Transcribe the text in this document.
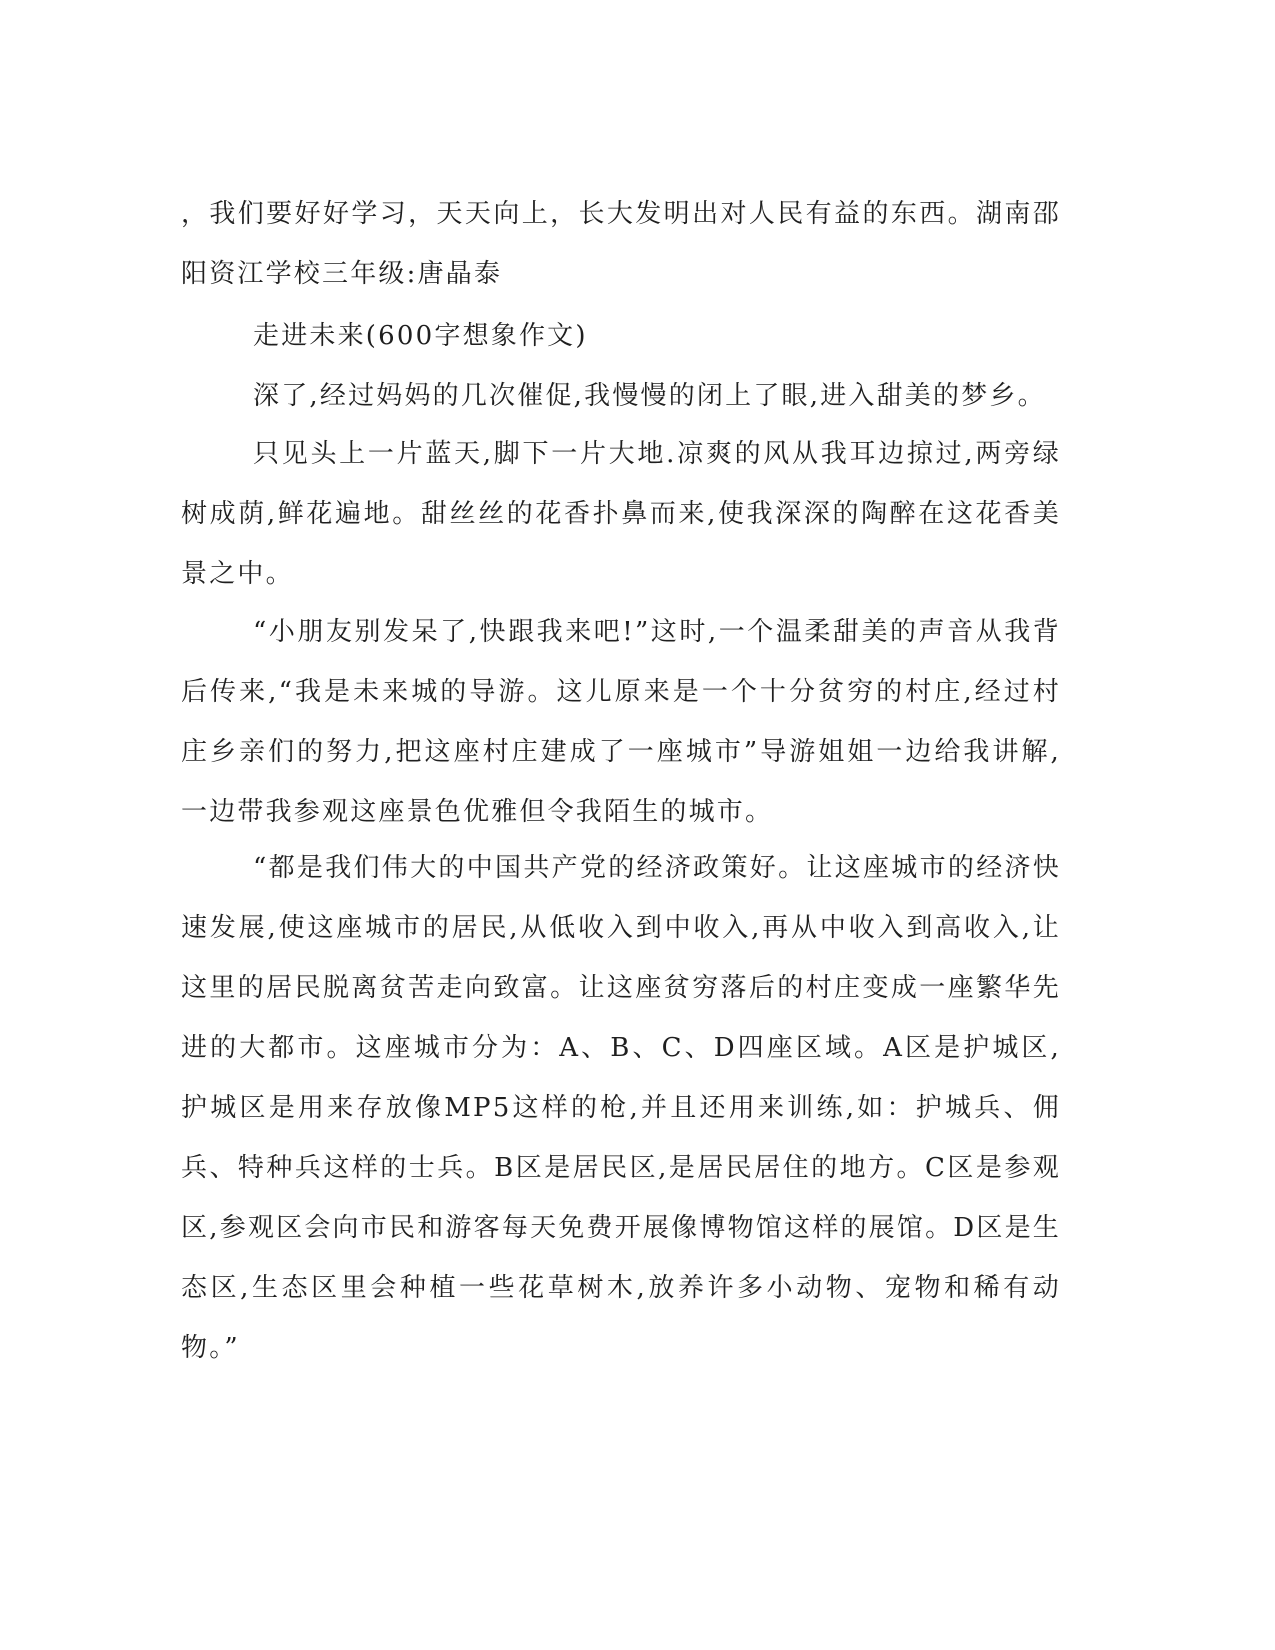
，我们要好好学习，天天向上，长大发明出对人民有益的东西。湖南邵阳资江学校三年级:唐晶泰

走进未来(600字想象作文)

深了,经过妈妈的几次催促,我慢慢的闭上了眼,进入甜美的梦乡。

只见头上一片蓝天,脚下一片大地.凉爽的风从我耳边掠过,两旁绿树成荫,鲜花遍地。甜丝丝的花香扑鼻而来,使我深深的陶醉在这花香美景之中。

“小朋友别发呆了,快跟我来吧!”这时,一个温柔甜美的声音从我背后传来,“我是未来城的导游。这儿原来是一个十分贫穷的村庄,经过村庄乡亲们的努力,把这座村庄建成了一座城市”导游姐姐一边给我讲解,一边带我参观这座景色优雅但令我陌生的城市。

“都是我们伟大的中国共产党的经济政策好。让这座城市的经济快速发展,使这座城市的居民,从低收入到中收入,再从中收入到高收入,让这里的居民脱离贫苦走向致富。让这座贫穷落后的村庄变成一座繁华先进的大都市。这座城市分为：A、B、C、D四座区域。A区是护城区,护城区是用来存放像MP5这样的枪,并且还用来训练,如：护城兵、佣兵、特种兵这样的士兵。B区是居民区,是居民居住的地方。C区是参观区,参观区会向市民和游客每天免费开展像博物馆这样的展馆。D区是生态区,生态区里会种植一些花草树木,放养许多小动物、宠物和稀有动物。”
